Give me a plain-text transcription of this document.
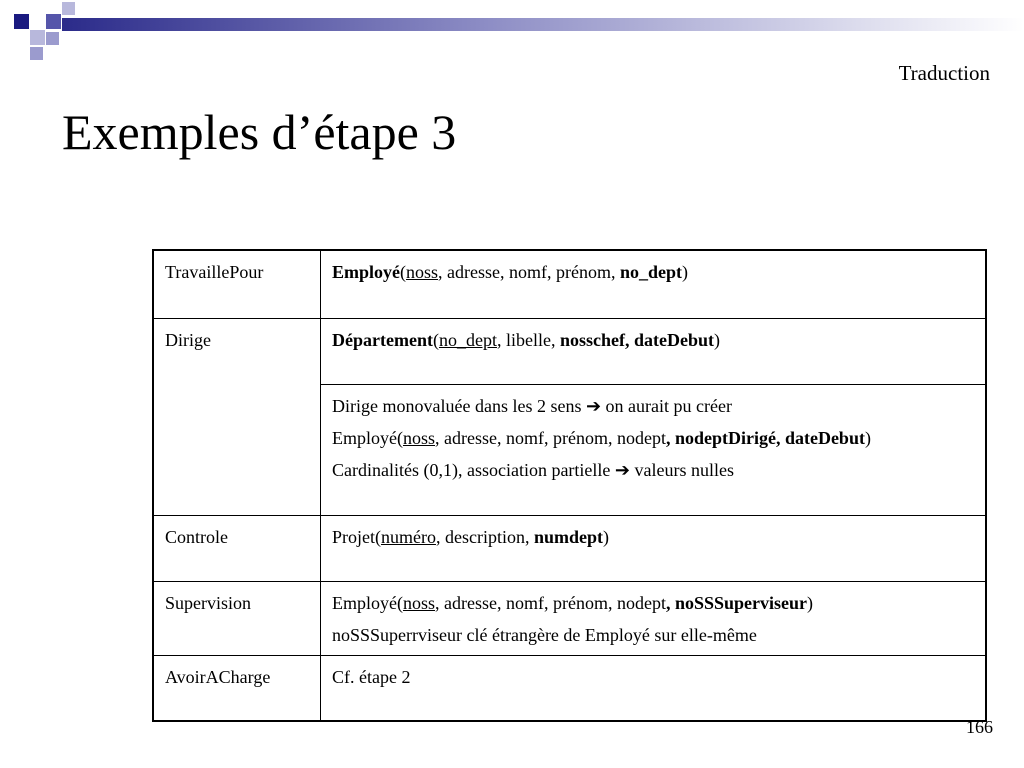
Traduction
Exemples d’étape 3
TravaillePour	Employé(noss, adresse, nomf, prénom, no_dept)

Dirige	Département(no_dept, libelle, nosschef, dateDebut)

	Dirige monovaluée dans les 2 sens ➔ on aurait pu créer
Employé(noss, adresse, nomf, prénom, nodept, nodeptDirigé, dateDebut)
Cardinalités (0,1), association partielle ➔ valeurs nulles

Controle	Projet(numéro, description, numdept)

Supervision	Employé(noss, adresse, nomf, prénom, nodept, noSSSuperviseur)
noSSSuperrviseur clé étrangère de Employé sur elle-même

AvoirACharge	Cf. étape 2
166
